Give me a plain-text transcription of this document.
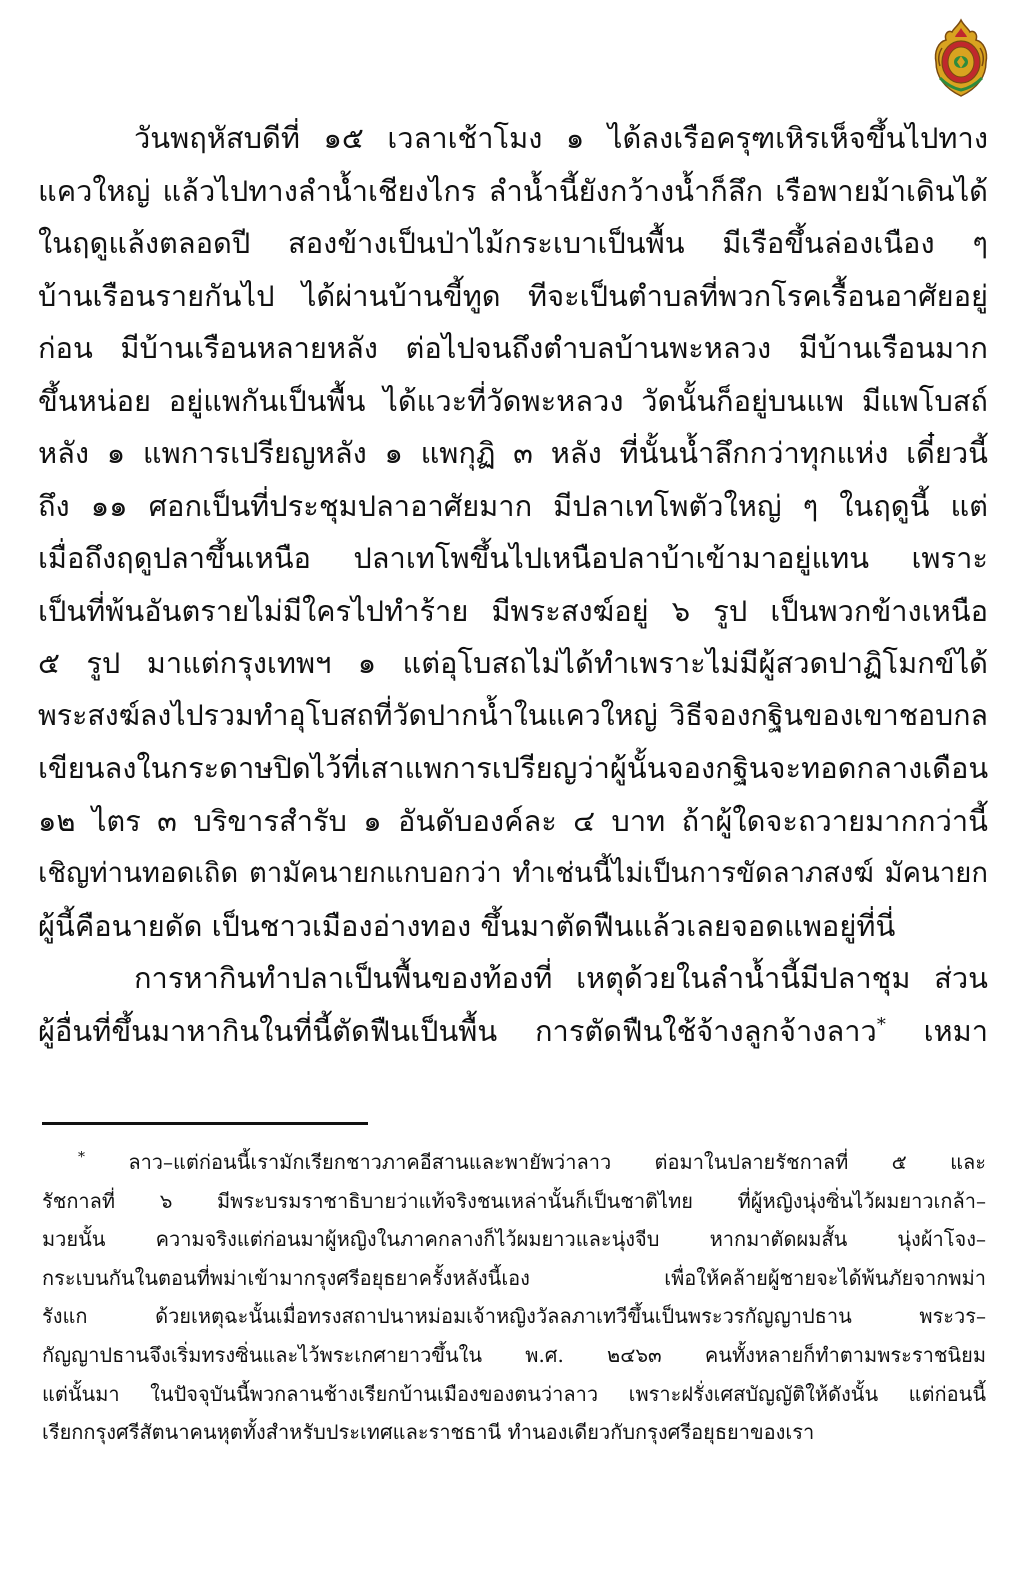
วันพฤหัสบดีที่ ๑๕ เวลาเช้าโมง ๑ ได้ลงเรือครุฑเหิรเห็จขึ้นไปทาง
แควใหญ่ แล้วไปทางลำน้ำเชียงไกร ลำน้ำนี้ยังกว้างน้ำก็ลึก เรือพายม้าเดินได้
ในฤดูแล้งตลอดปี สองข้างเป็นป่าไม้กระเบาเป็นพื้น มีเรือขึ้นล่องเนือง ๆ
บ้านเรือนรายกันไป ได้ผ่านบ้านขี้ทูด ทีจะเป็นตำบลที่พวกโรคเรื้อนอาศัยอยู่
ก่อน มีบ้านเรือนหลายหลัง ต่อไปจนถึงตำบลบ้านพะหลวง มีบ้านเรือนมาก
ขึ้นหน่อย อยู่แพกันเป็นพื้น ได้แวะที่วัดพะหลวง วัดนั้นก็อยู่บนแพ มีแพโบสถ์
หลัง ๑ แพการเปรียญหลัง ๑ แพกุฏิ ๓ หลัง ที่นั้นน้ำลึกกว่าทุกแห่ง เดี๋ยวนี้
ถึง ๑๑ ศอกเป็นที่ประชุมปลาอาศัยมาก มีปลาเทโพตัวใหญ่ ๆ ในฤดูนี้ แต่
เมื่อถึงฤดูปลาขึ้นเหนือ ปลาเทโพขึ้นไปเหนือปลาบ้าเข้ามาอยู่แทน เพราะ
เป็นที่พ้นอันตรายไม่มีใครไปทำร้าย มีพระสงฆ์อยู่ ๖ รูป เป็นพวกข้างเหนือ
๕ รูป มาแต่กรุงเทพฯ ๑ แต่อุโบสถไม่ได้ทำเพราะไม่มีผู้สวดปาฏิโมกข์ได้
พระสงฆ์ลงไปรวมทำอุโบสถที่วัดปากน้ำในแควใหญ่ วิธีจองกฐินของเขาชอบกล
เขียนลงในกระดาษปิดไว้ที่เสาแพการเปรียญว่าผู้นั้นจองกฐินจะทอดกลางเดือน
๑๒ ไตร ๓ บริขารสำรับ ๑ อันดับองค์ละ ๔ บาท ถ้าผู้ใดจะถวายมากกว่านี้
เชิญท่านทอดเถิด ตามัคนายกแกบอกว่า ทำเช่นนี้ไม่เป็นการขัดลาภสงฆ์ มัคนายก
ผู้นี้คือนายดัด เป็นชาวเมืองอ่างทอง ขึ้นมาตัดฟืนแล้วเลยจอดแพอยู่ที่นี่
การหากินทำปลาเป็นพื้นของท้องที่ เหตุด้วยในลำน้ำนี้มีปลาชุม ส่วน
ผู้อื่นที่ขึ้นมาหากินในที่นี้ตัดฟืนเป็นพื้น การตัดฟืนใช้จ้างลูกจ้างลาว* เหมา
* ลาว–แต่ก่อนนี้เรามักเรียกชาวภาคอีสานและพายัพว่าลาว ต่อมาในปลายรัชกาลที่ ๕ และ
รัชกาลที่ ๖ มีพระบรมราชาธิบายว่าแท้จริงชนเหล่านั้นก็เป็นชาติไทย ที่ผู้หญิงนุ่งซิ่นไว้ผมยาวเกล้า–
มวยนั้น ความจริงแต่ก่อนมาผู้หญิงในภาคกลางก็ไว้ผมยาวและนุ่งจีบ หากมาตัดผมสั้น นุ่งผ้าโจง–
กระเบนกันในตอนที่พม่าเข้ามากรุงศรีอยุธยาครั้งหลังนี้เอง เพื่อให้คล้ายผู้ชายจะได้พ้นภัยจากพม่า
รังแก ด้วยเหตุฉะนั้นเมื่อทรงสถาปนาหม่อมเจ้าหญิงวัลลภาเทวีขึ้นเป็นพระวรกัญญาปธาน พระวร–
กัญญาปธานจึงเริ่มทรงซิ่นและไว้พระเกศายาวขึ้นใน พ.ศ. ๒๔๖๓ คนทั้งหลายก็ทำตามพระราชนิยม
แต่นั้นมา ในปัจจุบันนี้พวกลานช้างเรียกบ้านเมืองของตนว่าลาว เพราะฝรั่งเศสบัญญัติให้ดังนั้น แต่ก่อนนี้
เรียกกรุงศรีสัตนาคนหุตทั้งสำหรับประเทศและราชธานี ทำนองเดียวกับกรุงศรีอยุธยาของเรา
